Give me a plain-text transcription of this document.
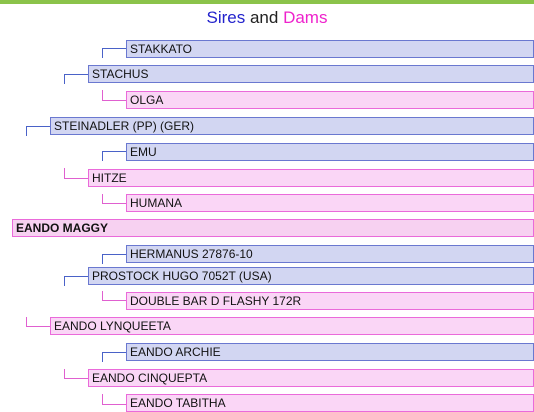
Sires and Dams
STAKKATO
STACHUS
OLGA
STEINADLER (PP) (GER)
EMU
HITZE
HUMANA
EANDO MAGGY
HERMANUS 27876-10
PROSTOCK HUGO 7052T (USA)
DOUBLE BAR D FLASHY 172R
EANDO LYNQUEETA
EANDO ARCHIE
EANDO CINQUEPTA
EANDO TABITHA
